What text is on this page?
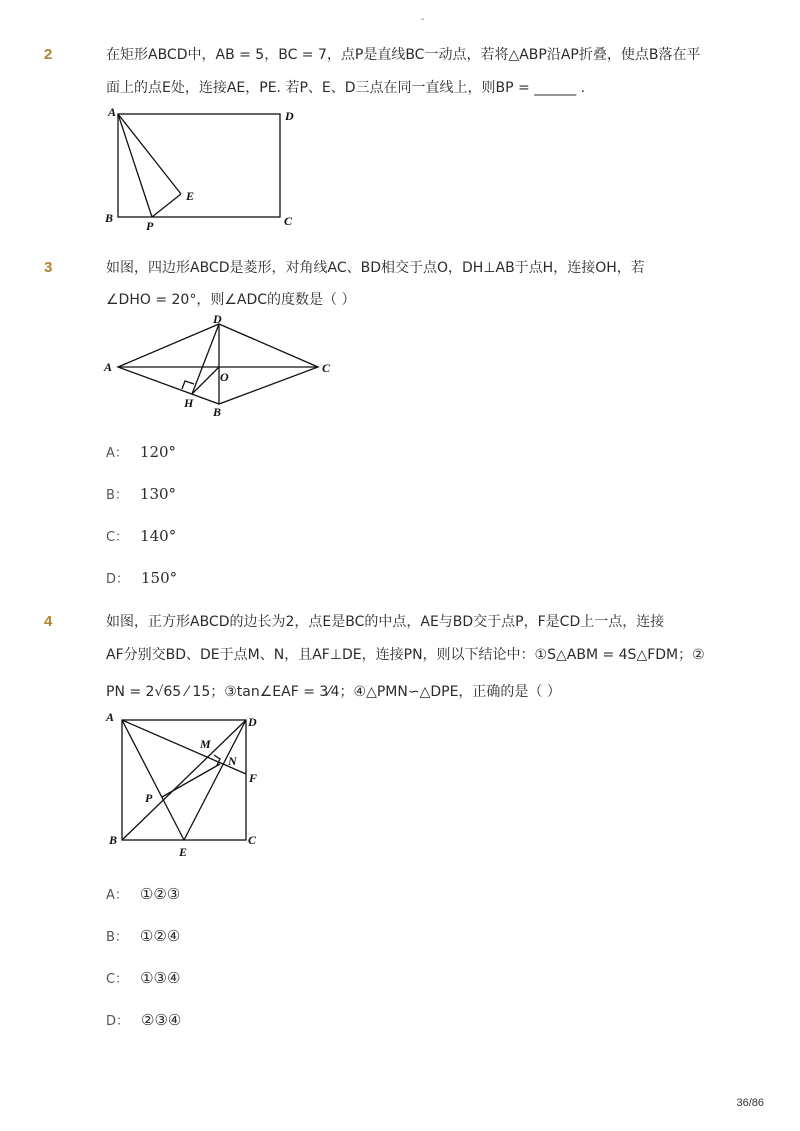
-
2	在矩形ABCD中，AB = 5，BC = 7，点P是直线BC一动点，若将△ABP沿AP折叠，使点B落在平
面上的点E处，连接AE，PE. 若P、E、D三点在同一直线上，则BP = ______ .
A	D
B	C
E
P
3	如图，四边形ABCD是菱形，对角线AC、BD相交于点O，DH⊥AB于点H，连接OH，若
∠DHO = 20°，则∠ADC的度数是（ ）
D
A	C
O
H
B
A： 120°
B： 130°
C： 140°
D： 150°
4	如图，正方形ABCD的边长为2，点E是BC的中点，AE与BD交于点P，F是CD上一点，连接
AF分别交BD、DE于点M、N，且AF⊥DE，连接PN，则以下结论中：①S△ABM = 4S△FDM；②
PN = 2√65 ⁄ 15；③tan∠EAF = 3⁄4；④△PMN∽△DPE，正确的是（ ）
A	D
M
N
F
P
B	C
E
A： ①②③
B： ①②④
C： ①③④
D： ②③④
36/86
